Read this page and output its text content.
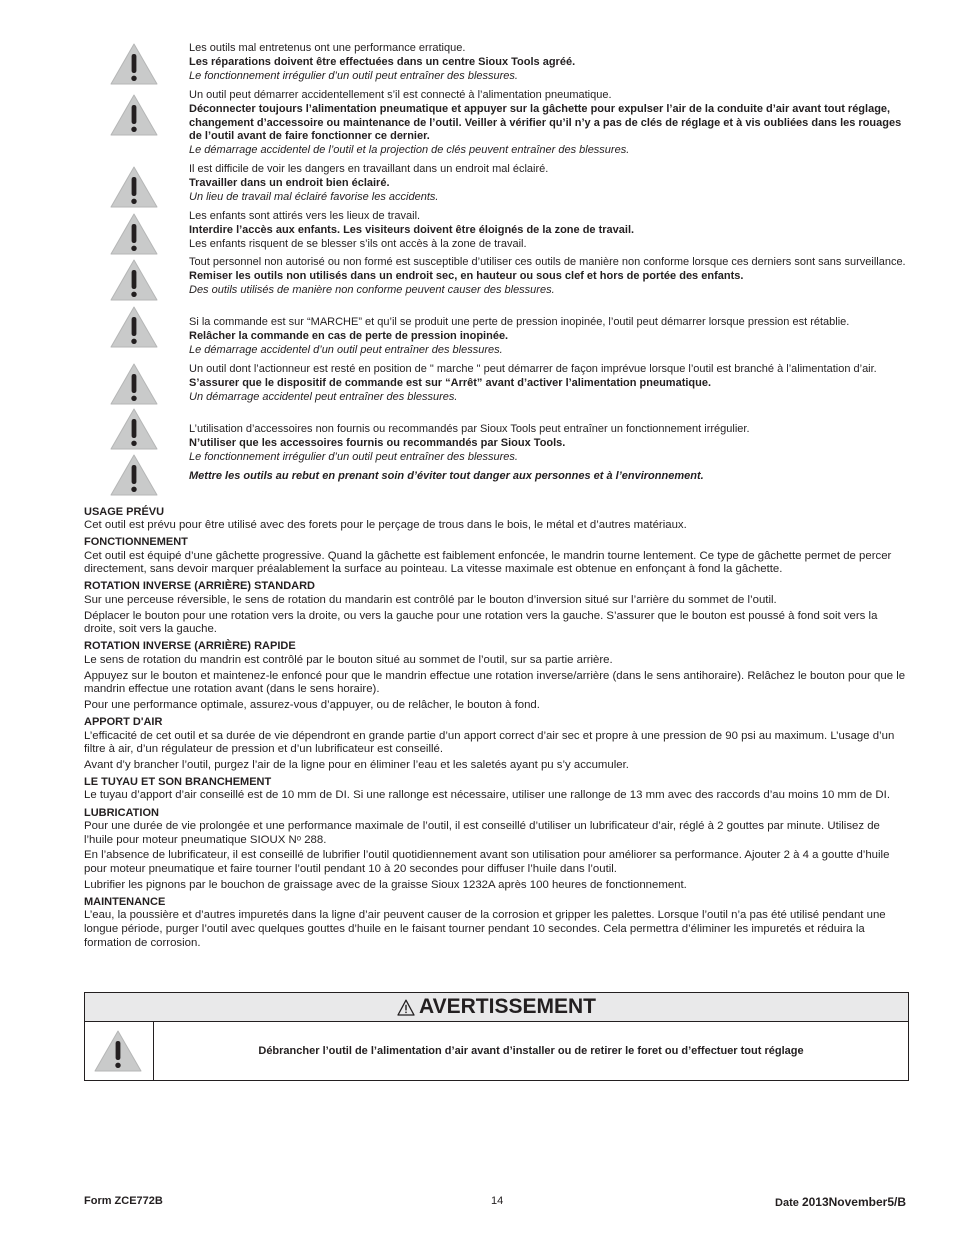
Les outils mal entretenus ont une performance erratique.

Les réparations doivent être effectuées dans un centre Sioux Tools agréé.

Le fonctionnement irrégulier d’un outil peut entraîner des blessures.

Un outil peut démarrer accidentellement s’il est connecté à l’alimentation pneumatique.

Déconnecter toujours l’alimentation pneumatique et appuyer sur la gâchette pour expulser l’air de la conduite d’air avant tout réglage, changement d’accessoire ou maintenance de l’outil. Veiller à vérifier qu’il n’y a pas de clés de réglage et à vis oubliées dans les rouages de l’outil avant de faire fonctionner ce dernier.

Le démarrage accidentel de l’outil et la projection de clés peuvent entraîner des blessures.

Il est difficile de voir les dangers en travaillant dans un endroit mal éclairé.

Travailler dans un endroit bien éclairé.

Un lieu de travail mal éclairé favorise les accidents.

Les enfants sont attirés vers les lieux de travail.

Interdire l’accès aux enfants. Les visiteurs doivent être éloignés de la zone de travail.

Les enfants risquent de se blesser s’ils ont accès à la zone de travail.

Tout personnel non autorisé ou non formé est susceptible d’utiliser ces outils de manière non conforme lorsque ces derniers sont sans surveillance.

Remiser les outils non utilisés dans un endroit sec, en hauteur ou sous clef et hors de portée des enfants.

Des outils utilisés de manière non conforme peuvent causer des blessures.

Si la commande est sur “MARCHE” et qu’il se produit une perte de pression inopinée, l’outil peut démarrer lorsque pression est rétablie.

Relâcher la commande en cas de perte de pression inopinée.

Le démarrage accidentel d’un outil peut entraîner des blessures.

Un outil dont l’actionneur est resté en position de " marche " peut démarrer de façon imprévue lorsque l’outil est branché à l’alimentation d’air.

S’assurer que le dispositif de commande est sur “Arrêt” avant d’activer l’alimentation pneumatique.

Un démarrage accidentel peut entraîner des blessures.

L’utilisation d’accessoires non fournis ou recommandés par Sioux Tools peut entraîner un fonctionnement irrégulier.

N’utiliser que les accessoires fournis ou recommandés par Sioux Tools.

Le fonctionnement irrégulier d’un outil peut entraîner des blessures.

Mettre les outils au rebut en prenant soin d’éviter tout danger aux personnes et à l’environnement.

USAGE PRÉVU

Cet outil est prévu pour être utilisé avec des forets pour le perçage de trous dans le bois, le métal et d’autres matériaux.

FONCTIONNEMENT

Cet outil est équipé d’une gâchette progressive. Quand la gâchette est faiblement enfoncée, le mandrin tourne lentement. Ce type de gâchette permet de percer directement, sans devoir marquer préalablement la surface au pointeau. La vitesse maximale est obtenue en enfonçant à fond la gâchette.

ROTATION INVERSE (ARRIÈRE) STANDARD

Sur une perceuse réversible, le sens de rotation du mandarin est contrôlé par le bouton d’inversion situé sur l’arrière du sommet de l’outil.

Déplacer le bouton pour une rotation vers la droite, ou vers la gauche pour une rotation vers la gauche. S’assurer que le bouton est poussé à fond soit vers la droite, soit vers la gauche.

ROTATION INVERSE (ARRIÈRE) RAPIDE

Le sens de rotation du mandrin est contrôlé par le bouton situé au sommet de l’outil, sur sa partie arrière.

Appuyez sur le bouton et maintenez-le enfoncé pour que le mandrin effectue une rotation inverse/arrière (dans le sens antihoraire). Relâchez le bouton pour que le mandrin effectue une rotation avant (dans le sens horaire).

Pour une performance optimale, assurez-vous d’appuyer, ou de relâcher, le bouton à fond.

APPORT D'AIR

L’efficacité de cet outil et sa durée de vie dépendront en grande partie d’un apport correct d’air sec et propre à une pression de 90 psi au maximum. L’usage d’un filtre à air, d’un régulateur de pression et d’un lubrificateur est conseillé.

Avant d’y brancher l’outil, purgez l’air de la ligne pour en éliminer l’eau et les saletés ayant pu s’y accumuler.

LE TUYAU ET SON BRANCHEMENT

Le tuyau d’apport d’air conseillé est de 10 mm de DI. Si une rallonge est nécessaire, utiliser une rallonge de 13 mm avec des raccords d’au moins 10 mm de DI.

LUBRICATION

Pour une durée de vie prolongée et une performance maximale de l’outil, il est conseillé d’utiliser un lubrificateur d’air, réglé à 2 gouttes par minute. Utilisez de l’huile pour moteur pneumatique SIOUX Nᵒ 288.

En l’absence de lubrificateur, il est conseillé de lubrifier l’outil quotidiennement avant son utilisation pour améliorer sa performance. Ajouter 2 à 4 a goutte d’huile pour moteur pneumatique et faire tourner l’outil pendant 10 à 20 secondes pour diffuser l’huile dans l’outil.

Lubrifier les pignons par le bouchon de graissage avec de la graisse Sioux 1232A après 100 heures de fonctionnement.

MAINTENANCE

L’eau, la poussière et d’autres impuretés dans la ligne d’air peuvent causer de la corrosion et gripper les palettes. Lorsque l’outil n’a pas été utilisé pendant une longue période, purger l’outil avec quelques gouttes d’huile en le faisant tourner pendant 10 secondes. Cela permettra d’éliminer les impuretés et réduira la formation de corrosion.

AVERTISSEMENT
Débrancher l’outil de l’alimentation d’air avant d’installer ou de retirer le foret ou d’effectuer tout réglage
Form ZCE772B	14	Date 2013November5/B
